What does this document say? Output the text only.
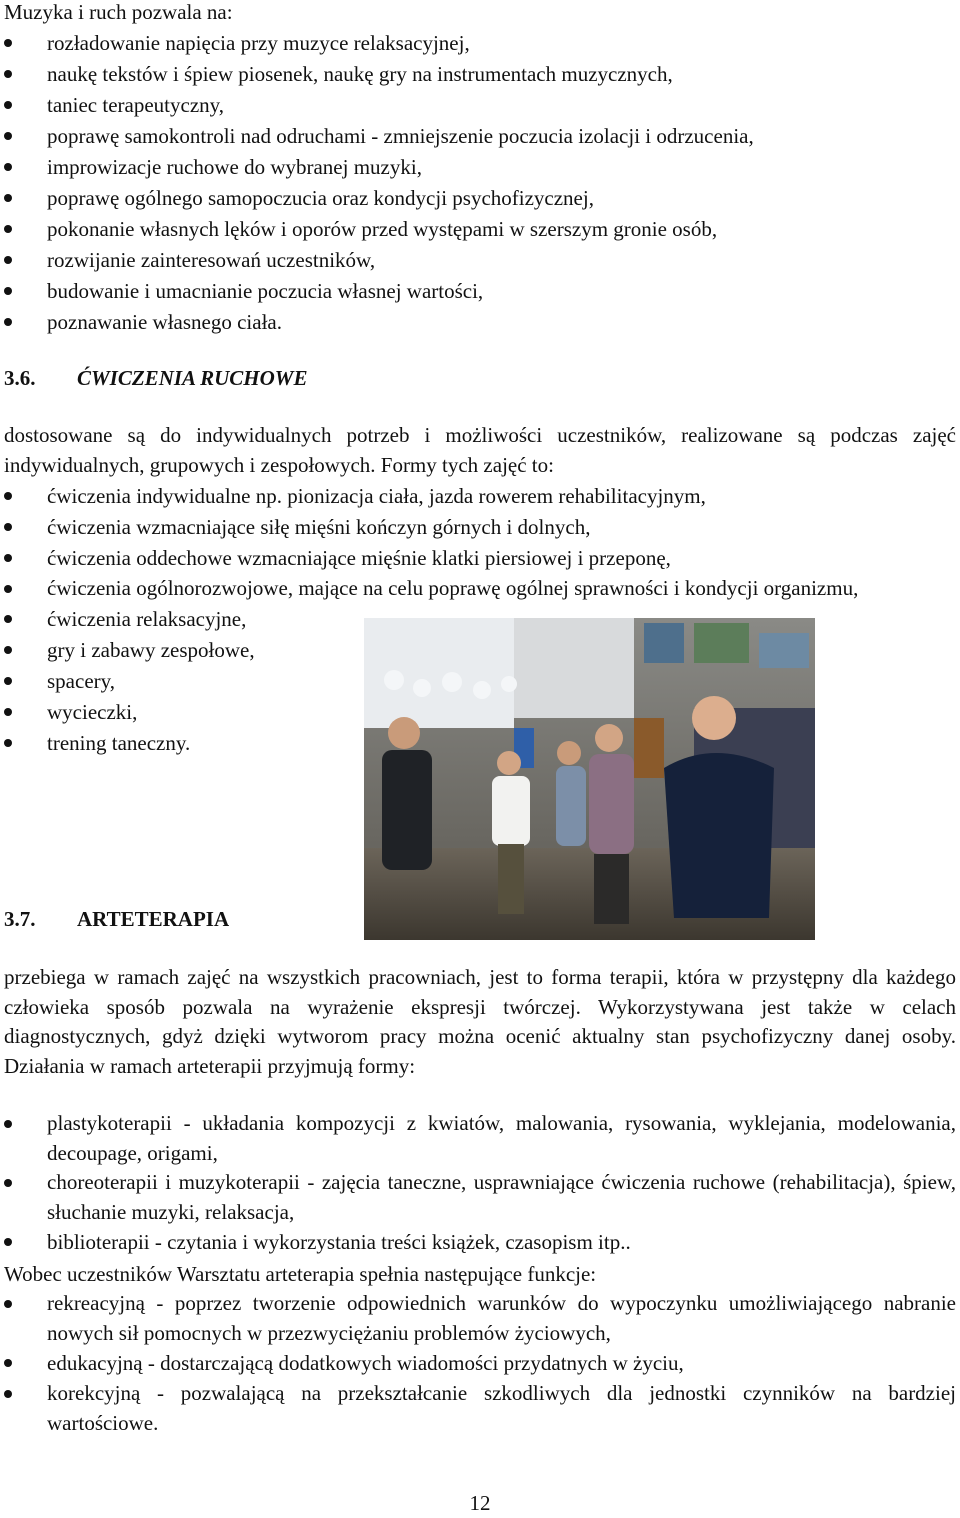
Muzyka i ruch pozwala na:
rozładowanie napięcia przy muzyce relaksacyjnej,
naukę tekstów i śpiew piosenek, naukę gry na instrumentach muzycznych,
taniec terapeutyczny,
poprawę samokontroli nad odruchami - zmniejszenie poczucia izolacji i odrzucenia,
improwizacje ruchowe do wybranej muzyki,
poprawę ogólnego samopoczucia oraz kondycji psychofizycznej,
pokonanie własnych lęków i oporów przed występami w szerszym gronie osób,
rozwijanie zainteresowań uczestników,
budowanie i umacnianie poczucia własnej wartości,
poznawanie własnego ciała.
3.6. ĆWICZENIA RUCHOWE
dostosowane są do indywidualnych potrzeb i możliwości uczestników, realizowane są podczas zajęć indywidualnych, grupowych i zespołowych. Formy tych zajęć to:
ćwiczenia indywidualne np. pionizacja ciała, jazda rowerem rehabilitacyjnym,
ćwiczenia wzmacniające siłę mięśni kończyn górnych i dolnych,
ćwiczenia oddechowe wzmacniające mięśnie klatki piersiowej i przeponę,
ćwiczenia ogólnorozwojowe, mające na celu poprawę ogólnej sprawności i kondycji organizmu,
ćwiczenia relaksacyjne,
gry i zabawy zespołowe,
spacery,
wycieczki,
trening taneczny.
3.7. ARTETERAPIA
przebiega w ramach zajęć na wszystkich pracowniach, jest to forma terapii, która w przystępny dla każdego człowieka sposób pozwala na wyrażenie ekspresji twórczej. Wykorzystywana jest także w celach diagnostycznych, gdyż dzięki wytworom pracy można ocenić aktualny stan psychofizyczny danej osoby. Działania w ramach arteterapii przyjmują formy:
plastykoterapii - układania kompozycji z kwiatów, malowania, rysowania, wyklejania, modelowania, decoupage, origami,
choreoterapii i muzykoterapii - zajęcia taneczne, usprawniające ćwiczenia ruchowe (rehabilitacja), śpiew, słuchanie muzyki, relaksacja,
biblioterapii - czytania i wykorzystania treści książek, czasopism itp..
Wobec uczestników Warsztatu arteterapia spełnia następujące funkcje:
rekreacyjną - poprzez tworzenie odpowiednich warunków do wypoczynku umożliwiającego nabranie nowych sił pomocnych w przezwyciężaniu problemów życiowych,
edukacyjną - dostarczającą dodatkowych wiadomości przydatnych w życiu,
korekcyjną - pozwalającą na przekształcanie szkodliwych dla jednostki czynników na bardziej wartościowe.
12
